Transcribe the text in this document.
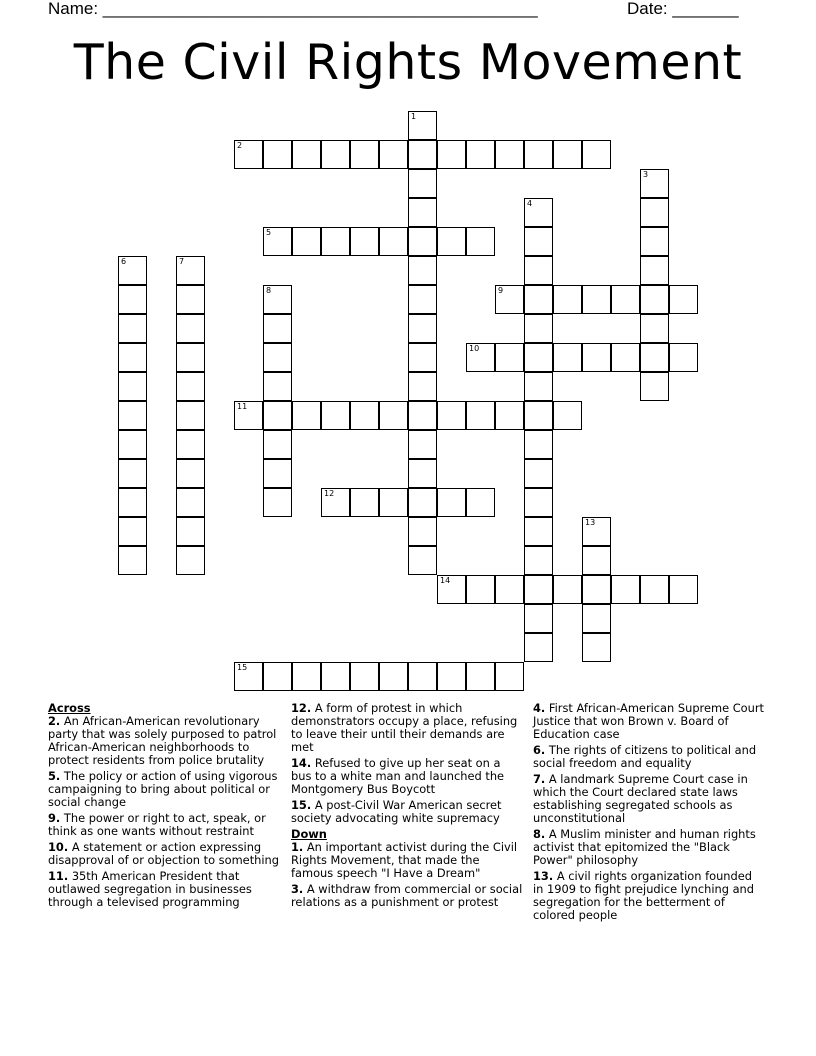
Name: ______________________________________________	Date: _______
The Civil Rights Movement
1
2
3
4
5
6	7
8	9
10
11
12
13
14
15
Across
2. An African-American revolutionary party that was solely purposed to patrol African-American neighborhoods to protect residents from police brutality
5. The policy or action of using vigorous campaigning to bring about political or social change
9. The power or right to act, speak, or think as one wants without restraint
10. A statement or action expressing disapproval of or objection to something
11. 35th American President that outlawed segregation in businesses through a televised programming
12. A form of protest in which demonstrators occupy a place, refusing to leave their until their demands are met
14. Refused to give up her seat on a bus to a white man and launched the Montgomery Bus Boycott
15. A post-Civil War American secret society advocating white supremacy
Down
1. An important activist during the Civil Rights Movement, that made the famous speech "I Have a Dream"
3. A withdraw from commercial or social relations as a punishment or protest
4. First African-American Supreme Court Justice that won Brown v. Board of Education case
6. The rights of citizens to political and social freedom and equality
7. A landmark Supreme Court case in which the Court declared state laws establishing segregated schools as unconstitutional
8. A Muslim minister and human rights activist that epitomized the "Black Power" philosophy
13. A civil rights organization founded in 1909 to fight prejudice lynching and segregation for the betterment of colored people
